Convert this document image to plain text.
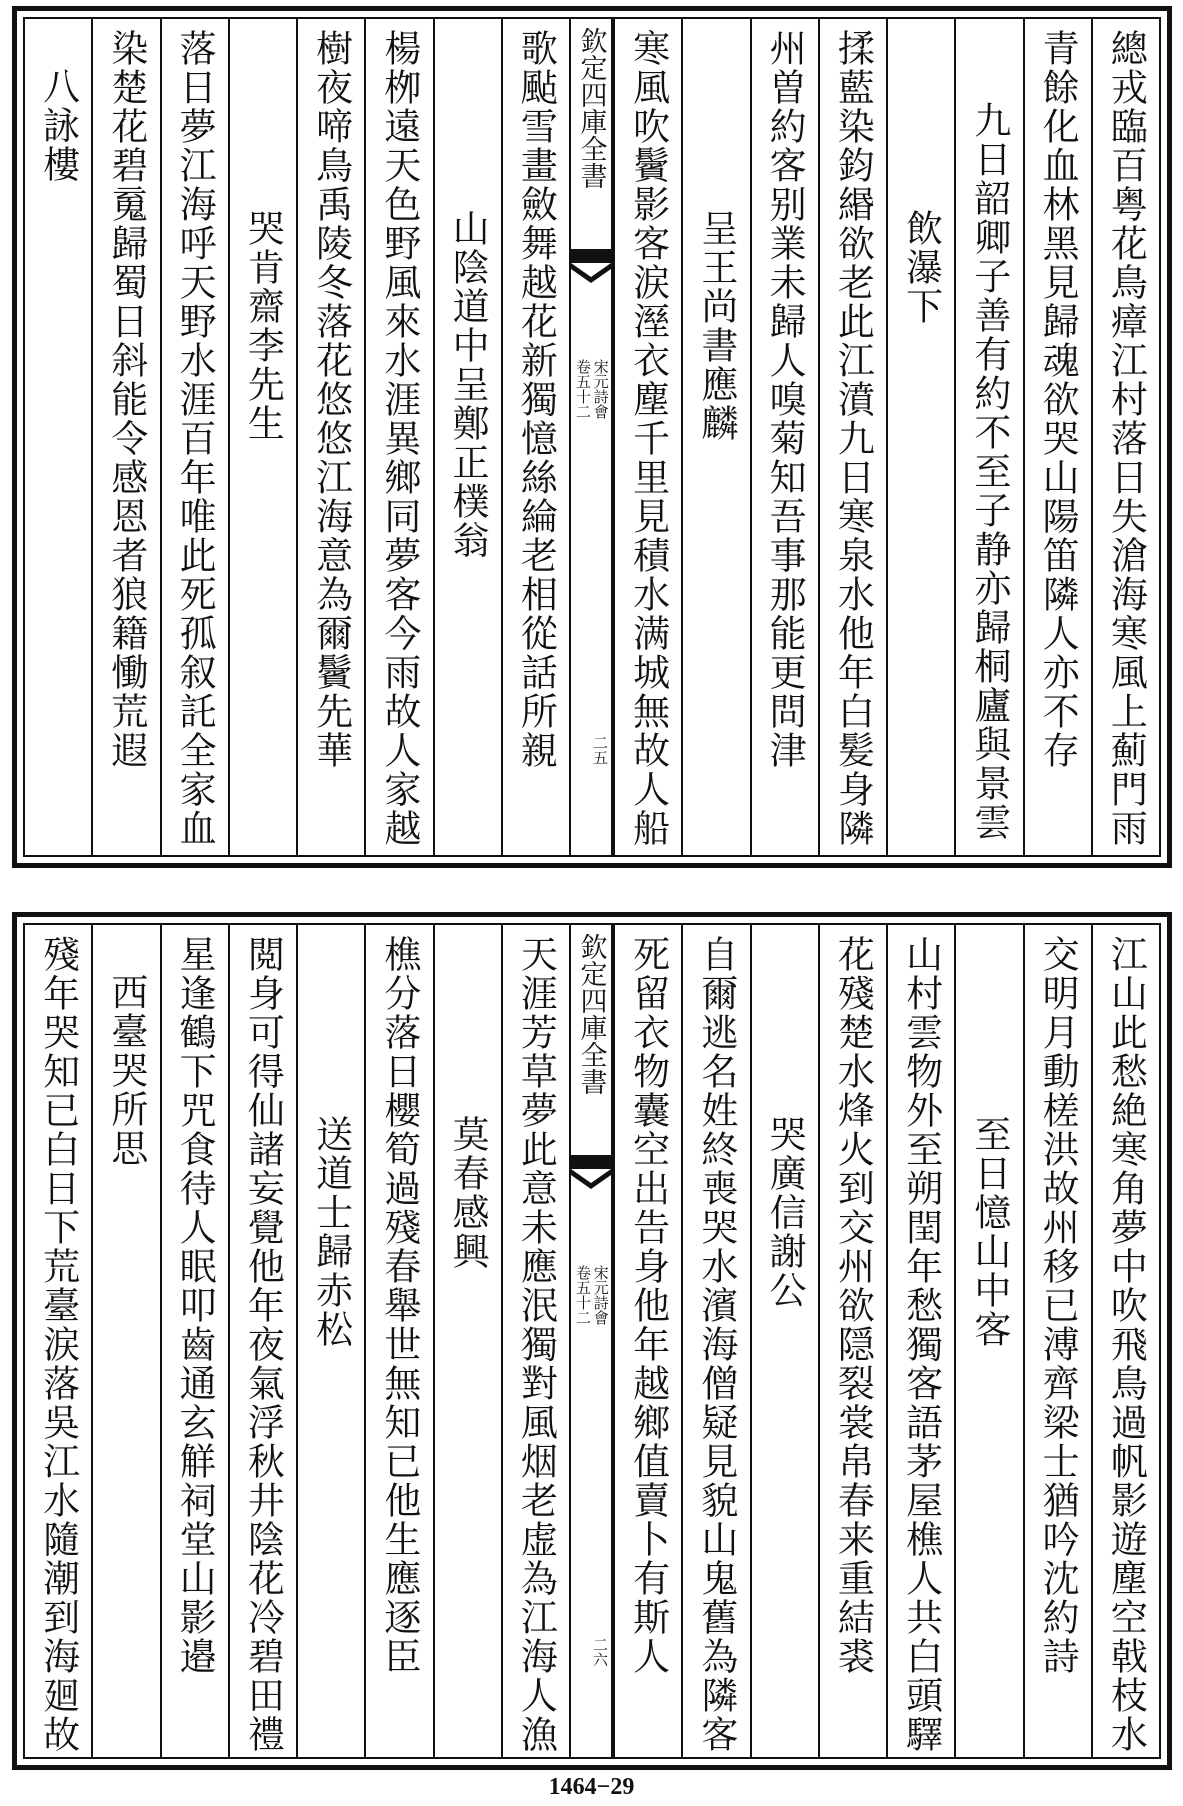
總戎臨百粤花鳥瘴江村落日失滄海寒風上薊門雨
青餘化血林黑見歸魂欲哭山陽笛隣人亦不存
九日韶卿子善有約不至子静亦歸桐廬與景雲
飲瀑下
揉藍染鈞緡欲老此江濆九日寒泉水他年白髪身隣
州曽約客别業未歸人嗅菊知吾事那能更問津
呈王尚書應麟
寒風吹鬢影客涙溼衣塵千里見積水满城無故人船
欽定四庫全書
宋元詩會
卷五十二
二五
歌颭雪畫斂舞越花新獨憶絲綸老相從話所親
山陰道中呈鄭正樸翁
楊栁遠天色野風來水涯異鄉同夢客今雨故人家越
樹夜啼鳥禹陵冬落花悠悠江海意為爾鬢先華
哭肯齋李先生
落日夢江海呼天野水涯百年唯此死孤叙託全家血
染楚花碧䰟歸蜀日斜能令感恩者狼籍慟荒遐
八詠樓
江山此愁絶寒角夢中吹飛鳥過帆影遊塵空戟枝水
交明月動槎洪故州移已溥齊梁士猶吟沈約詩
至日憶山中客
山村雲物外至朔閏年愁獨客語茅屋樵人共白頭驛
花殘楚水烽火到交州欲隠裂裳帛春来重結裘
哭廣信謝公
自爾逃名姓終喪哭水濱海僧疑見貌山鬼舊為隣客
死留衣物囊空出告身他年越鄉值賣卜有斯人
欽定四庫全書
宋元詩會
卷五十二
二六
天涯芳草夢此意未應泯獨對風烟老虚為江海人漁
莫春感興
樵分落日櫻筍過殘春舉世無知已他生應逐臣
送道士歸赤松
閲身可得仙諸妄覺他年夜氣浮秋井陰花冷碧田禮
星逢鶴下咒食待人眠叩齒通玄觧祠堂山影邉
西臺哭所思
殘年哭知已白日下荒臺涙落吳江水隨潮到海廻故
1464−29
